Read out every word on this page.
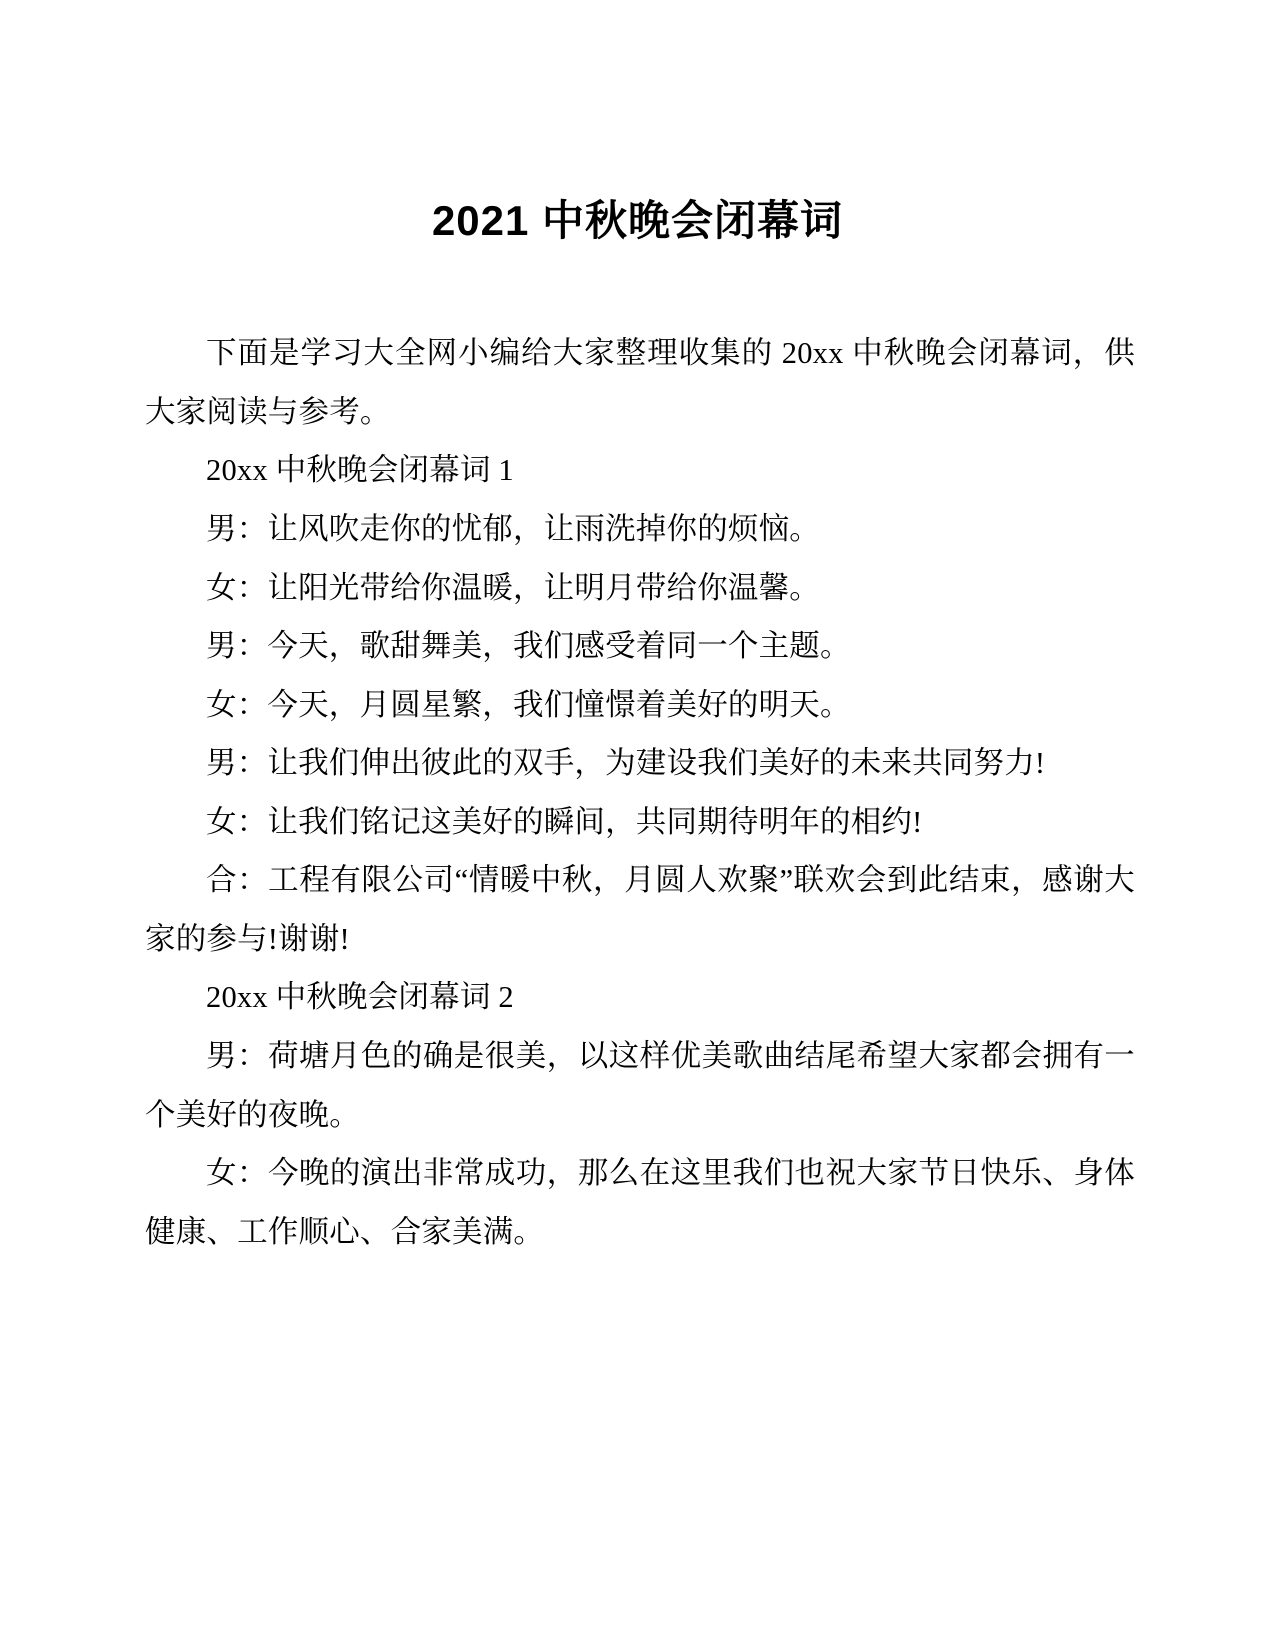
2021 中秋晚会闭幕词

下面是学习大全网小编给大家整理收集的 20xx 中秋晚会闭幕词，供大家阅读与参考。

20xx 中秋晚会闭幕词 1

男：让风吹走你的忧郁，让雨洗掉你的烦恼。

女：让阳光带给你温暖，让明月带给你温馨。

男：今天，歌甜舞美，我们感受着同一个主题。

女：今天，月圆星繁，我们憧憬着美好的明天。

男：让我们伸出彼此的双手，为建设我们美好的未来共同努力!

女：让我们铭记这美好的瞬间，共同期待明年的相约!

合：工程有限公司“情暖中秋，月圆人欢聚”联欢会到此结束，感谢大家的参与!谢谢!

20xx 中秋晚会闭幕词 2

男：荷塘月色的确是很美，以这样优美歌曲结尾希望大家都会拥有一个美好的夜晚。

女：今晚的演出非常成功，那么在这里我们也祝大家节日快乐、身体健康、工作顺心、合家美满。
